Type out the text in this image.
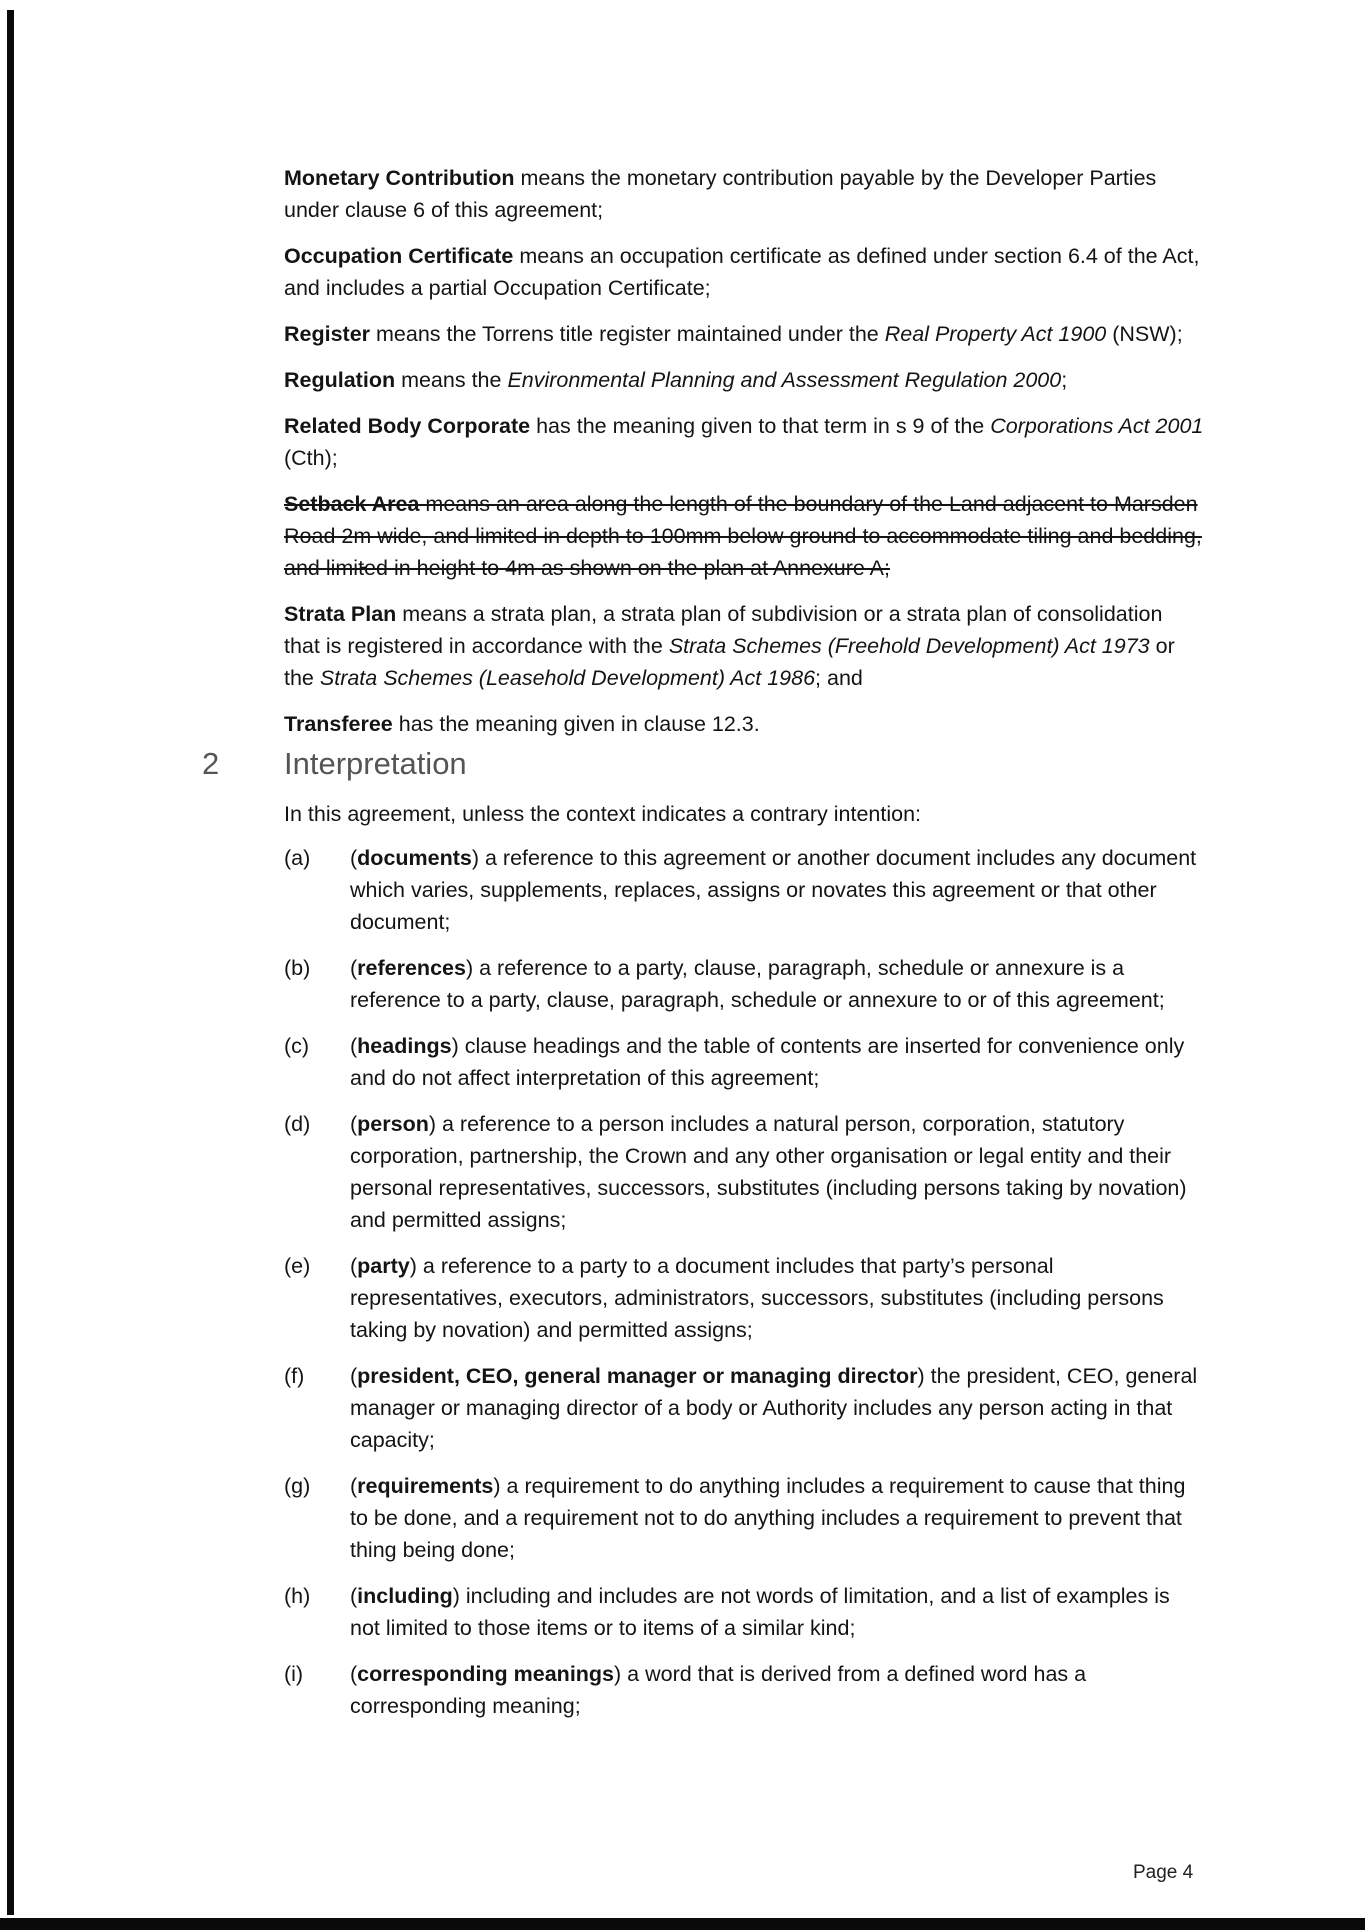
Monetary Contribution means the monetary contribution payable by the Developer Parties under clause 6 of this agreement;

Occupation Certificate means an occupation certificate as defined under section 6.4 of the Act, and includes a partial Occupation Certificate;

Register means the Torrens title register maintained under the Real Property Act 1900 (NSW);

Regulation means the Environmental Planning and Assessment Regulation 2000;

Related Body Corporate has the meaning given to that term in s 9 of the Corporations Act 2001 (Cth);

Setback Area means an area along the length of the boundary of the Land adjacent to Marsden Road 2m wide, and limited in depth to 100mm below ground to accommodate tiling and bedding, and limited in height to 4m as shown on the plan at Annexure A;

Strata Plan means a strata plan, a strata plan of subdivision or a strata plan of consolidation that is registered in accordance with the Strata Schemes (Freehold Development) Act 1973 or the Strata Schemes (Leasehold Development) Act 1986; and

Transferee has the meaning given in clause 12.3.

2 Interpretation

In this agreement, unless the context indicates a contrary intention:

(a) (documents) a reference to this agreement or another document includes any document which varies, supplements, replaces, assigns or novates this agreement or that other document;

(b) (references) a reference to a party, clause, paragraph, schedule or annexure is a reference to a party, clause, paragraph, schedule or annexure to or of this agreement;

(c) (headings) clause headings and the table of contents are inserted for convenience only and do not affect interpretation of this agreement;

(d) (person) a reference to a person includes a natural person, corporation, statutory corporation, partnership, the Crown and any other organisation or legal entity and their personal representatives, successors, substitutes (including persons taking by novation) and permitted assigns;

(e) (party) a reference to a party to a document includes that party’s personal representatives, executors, administrators, successors, substitutes (including persons taking by novation) and permitted assigns;

(f) (president, CEO, general manager or managing director) the president, CEO, general manager or managing director of a body or Authority includes any person acting in that capacity;

(g) (requirements) a requirement to do anything includes a requirement to cause that thing to be done, and a requirement not to do anything includes a requirement to prevent that thing being done;

(h) (including) including and includes are not words of limitation, and a list of examples is not limited to those items or to items of a similar kind;

(i) (corresponding meanings) a word that is derived from a defined word has a corresponding meaning;

Page 4
